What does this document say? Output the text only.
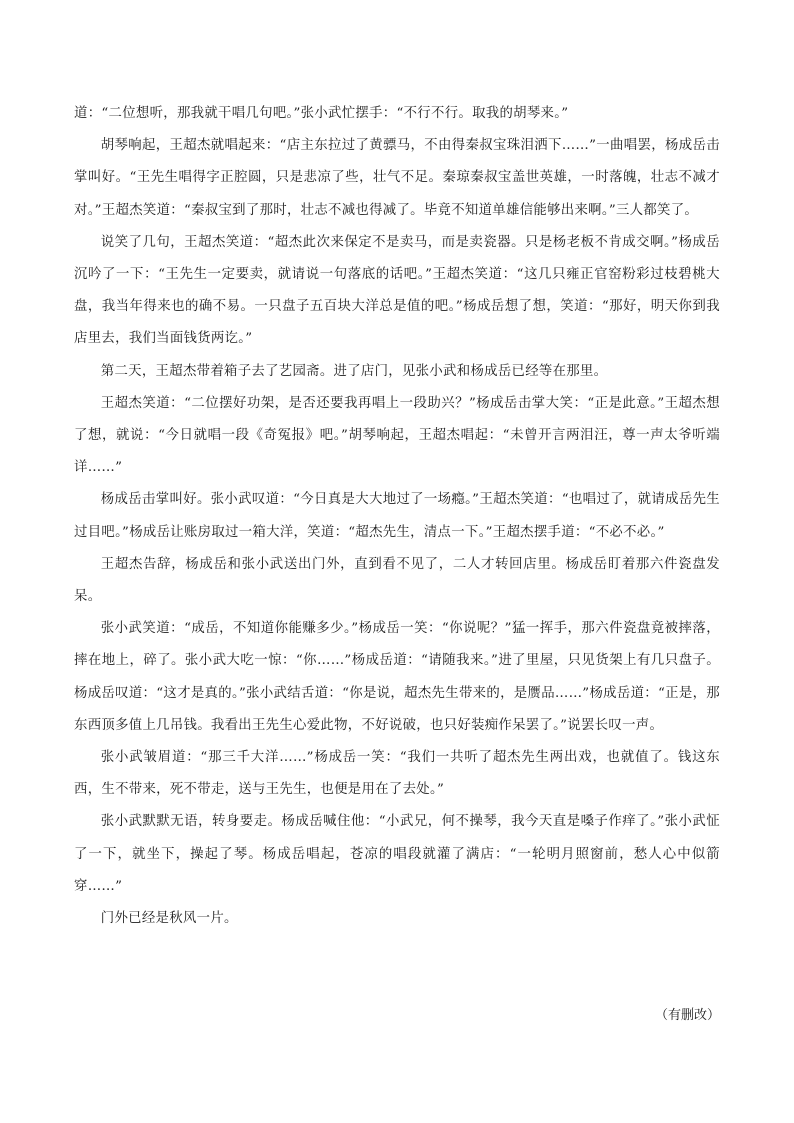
道：“二位想听，那我就干唱几句吧。”张小武忙摆手：“不行不行。取我的胡琴来。”

胡琴响起，王超杰就唱起来：“店主东拉过了黄骠马，不由得秦叔宝珠泪洒下……”一曲唱罢，杨成岳击掌叫好。“王先生唱得字正腔圆，只是悲凉了些，壮气不足。秦琼秦叔宝盖世英雄，一时落魄，壮志不减才对。”王超杰笑道：“秦叔宝到了那时，壮志不减也得减了。毕竟不知道单雄信能够出来啊。”三人都笑了。

说笑了几句，王超杰笑道：“超杰此次来保定不是卖马，而是卖瓷器。只是杨老板不肯成交啊。”杨成岳沉吟了一下：“王先生一定要卖，就请说一句落底的话吧。”王超杰笑道：“这几只雍正官窑粉彩过枝碧桃大盘，我当年得来也的确不易。一只盘子五百块大洋总是值的吧。”杨成岳想了想，笑道：“那好，明天你到我店里去，我们当面钱货两讫。”

第二天，王超杰带着箱子去了艺园斋。进了店门，见张小武和杨成岳已经等在那里。

王超杰笑道：“二位摆好功架，是否还要我再唱上一段助兴？”杨成岳击掌大笑：“正是此意。”王超杰想了想，就说：“今日就唱一段《奇冤报》吧。”胡琴响起，王超杰唱起：“未曾开言两泪汪，尊一声太爷听端详……”

杨成岳击掌叫好。张小武叹道：“今日真是大大地过了一场瘾。”王超杰笑道：“也唱过了，就请成岳先生过目吧。”杨成岳让账房取过一箱大洋，笑道：“超杰先生，清点一下。”王超杰摆手道：“不必不必。”

王超杰告辞，杨成岳和张小武送出门外，直到看不见了，二人才转回店里。杨成岳盯着那六件瓷盘发呆。

张小武笑道：“成岳，不知道你能赚多少。”杨成岳一笑：“你说呢？”猛一挥手，那六件瓷盘竟被摔落，摔在地上，碎了。张小武大吃一惊：“你……”杨成岳道：“请随我来。”进了里屋，只见货架上有几只盘子。杨成岳叹道：“这才是真的。”张小武结舌道：“你是说，超杰先生带来的，是赝品……”杨成岳道：“正是，那东西顶多值上几吊钱。我看出王先生心爱此物，不好说破，也只好装痴作呆罢了。”说罢长叹一声。

张小武皱眉道：“那三千大洋……”杨成岳一笑：“我们一共听了超杰先生两出戏，也就值了。钱这东西，生不带来，死不带走，送与王先生，也便是用在了去处。”

张小武默默无语，转身要走。杨成岳喊住他：“小武兄，何不操琴，我今天直是嗓子作痒了。”张小武怔了一下，就坐下，操起了琴。杨成岳唱起，苍凉的唱段就灌了满店：“一轮明月照窗前，愁人心中似箭穿……”

门外已经是秋风一片。

（有删改）
